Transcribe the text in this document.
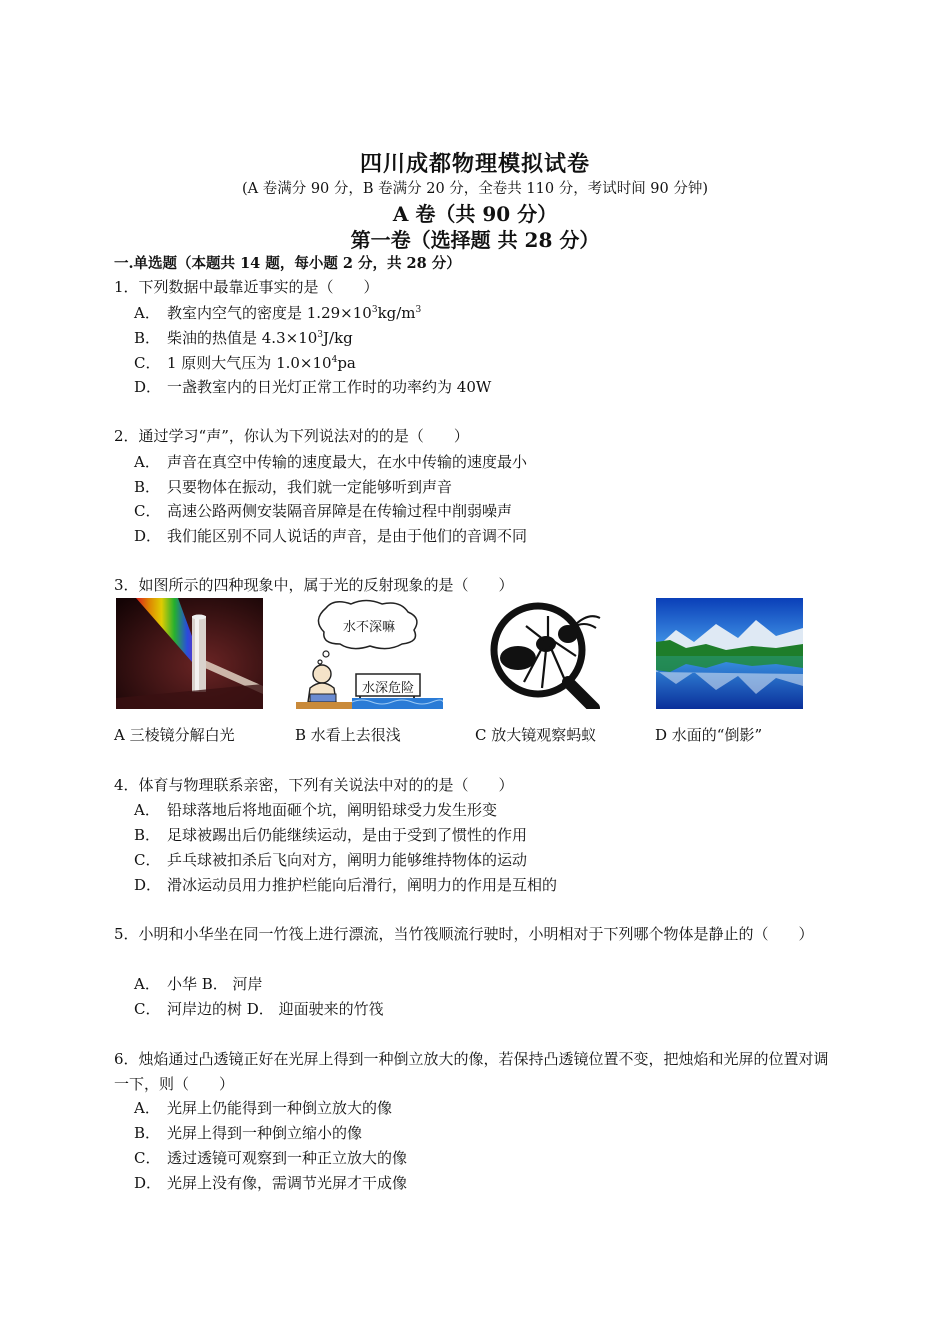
四川成都物理模拟试卷
(A 卷满分 90 分，B 卷满分 20 分，全卷共 110 分，考试时间 90 分钟)
A 卷（共 90 分）
第一卷（选择题 共 28 分）
一.单选题（本题共 14 题，每小题 2 分，共 28 分）
1．下列数据中最靠近事实的是（　　）
A． 教室内空气的密度是 $1.29\times 10^3kg/m^3$
B． 柴油的热值是 $4.3\times 10^3J/kg$
C． 1 原则大气压为 $1.0\times 10^4pa$
D． 一盏教室内的日光灯正常工作时的功率约为 40W
2．通过学习“声”，你认为下列说法对的的是（　　）
A． 声音在真空中传输的速度最大，在水中传输的速度最小
B． 只要物体在振动，我们就一定能够听到声音
C． 高速公路两侧安装隔音屏障是在传输过程中削弱噪声
D． 我们能区别不同人说话的声音，是由于他们的音调不同
3．如图所示的四种现象中，属于光的反射现象的是（　　）
水不深嘛
水深危险
A 三棱镜分解白光	B 水看上去很浅	C 放大镜观察蚂蚁	D 水面的“倒影”
4．体育与物理联系亲密，下列有关说法中对的的是（　　）
A． 铅球落地后将地面砸个坑，阐明铅球受力发生形变
B． 足球被踢出后仍能继续运动，是由于受到了惯性的作用
C． 乒乓球被扣杀后飞向对方，阐明力能够维持物体的运动
D． 滑冰运动员用力推护栏能向后滑行，阐明力的作用是互相的
5．小明和小华坐在同一竹筏上进行漂流，当竹筏顺流行驶时，小明相对于下列哪个物体是静止的（　　）
A． 小华 B． 河岸
C． 河岸边的树 D． 迎面驶来的竹筏
6．烛焰通过凸透镜正好在光屏上得到一种倒立放大的像，若保持凸透镜位置不变，把烛焰和光屏的位置对调一下，则（　　）
A． 光屏上仍能得到一种倒立放大的像
B． 光屏上得到一种倒立缩小的像
C． 透过透镜可观察到一种正立放大的像
D． 光屏上没有像，需调节光屏才干成像
